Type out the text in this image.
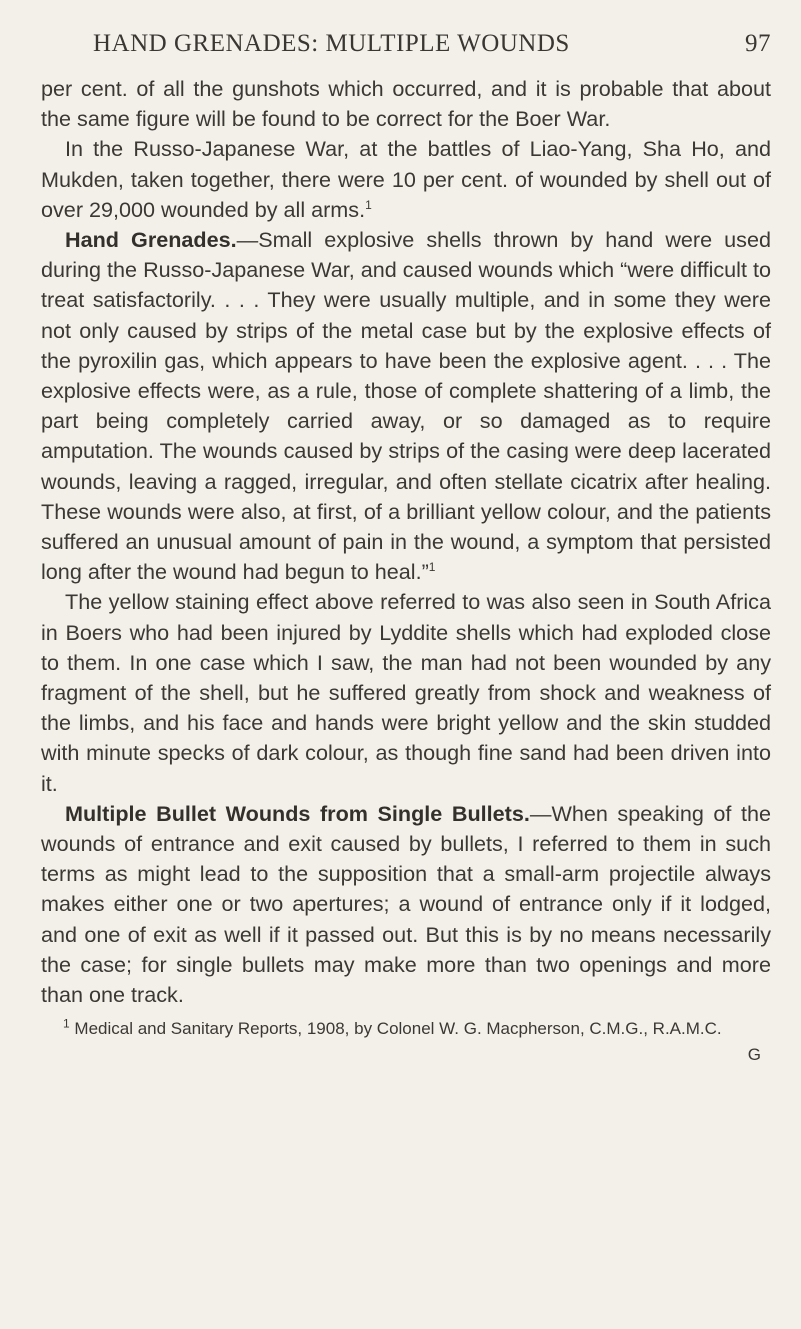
HAND GRENADES: MULTIPLE WOUNDS	97

per cent. of all the gunshots which occurred, and it is probable that about the same figure will be found to be correct for the Boer War.

In the Russo-Japanese War, at the battles of Liao-Yang, Sha Ho, and Mukden, taken together, there were 10 per cent. of wounded by shell out of over 29,000 wounded by all arms.$^1$

Hand Grenades.—Small explosive shells thrown by hand were used during the Russo-Japanese War, and caused wounds which “were difficult to treat satisfactorily. . . . They were usually multiple, and in some they were not only caused by strips of the metal case but by the explosive effects of the pyroxilin gas, which appears to have been the explosive agent. . . . The explosive effects were, as a rule, those of complete shattering of a limb, the part being completely carried away, or so damaged as to require amputation. The wounds caused by strips of the casing were deep lacerated wounds, leaving a ragged, irregular, and often stellate cicatrix after healing. These wounds were also, at first, of a brilliant yellow colour, and the patients suffered an unusual amount of pain in the wound, a symptom that persisted long after the wound had begun to heal.”$^1$

The yellow staining effect above referred to was also seen in South Africa in Boers who had been injured by Lyddite shells which had exploded close to them. In one case which I saw, the man had not been wounded by any fragment of the shell, but he suffered greatly from shock and weakness of the limbs, and his face and hands were bright yellow and the skin studded with minute specks of dark colour, as though fine sand had been driven into it.

Multiple Bullet Wounds from Single Bullets.—When speaking of the wounds of entrance and exit caused by bullets, I referred to them in such terms as might lead to the supposition that a small-arm projectile always makes either one or two apertures; a wound of entrance only if it lodged, and one of exit as well if it passed out. But this is by no means necessarily the case; for single bullets may make more than two openings and more than one track.

$^1$ Medical and Sanitary Reports, 1908, by Colonel W. G. Macpherson, C.M.G., R.A.M.C.
G
